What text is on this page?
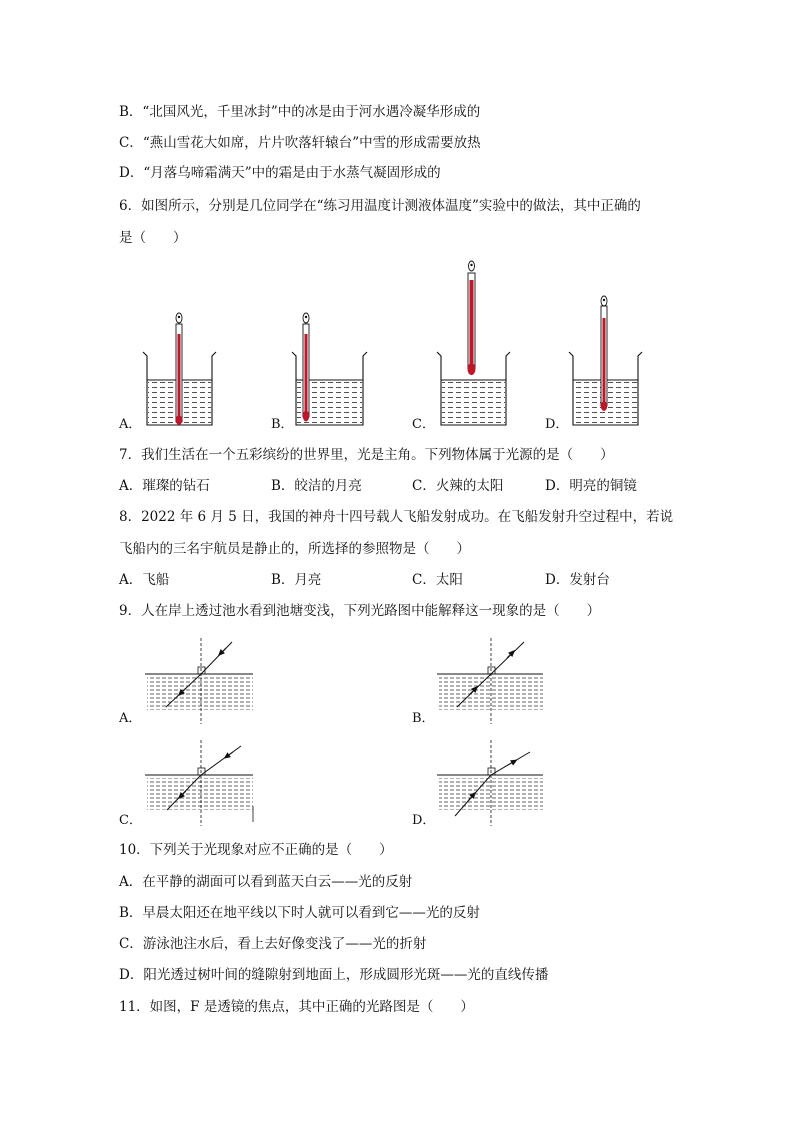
B．“北国风光，千里冰封”中的冰是由于河水遇冷凝华形成的
C．“燕山雪花大如席，片片吹落轩辕台”中雪的形成需要放热
D．“月落乌啼霜满天”中的霜是由于水蒸气凝固形成的
6．如图所示，分别是几位同学在“练习用温度计测液体温度”实验中的做法，其中正确的
是（　　）
A．	B．	C．	D．
7．我们生活在一个五彩缤纷的世界里，光是主角。下列物体属于光源的是（　　）
A．璀璨的钻石	B．皎洁的月亮	C．火辣的太阳	D．明亮的铜镜
8．2022 年 6 月 5 日，我国的神舟十四号载人飞船发射成功。在飞船发射升空过程中，若说
飞船内的三名宇航员是静止的，所选择的参照物是（　　）
A．飞船	B．月亮	C．太阳	D．发射台
9．人在岸上透过池水看到池塘变浅，下列光路图中能解释这一现象的是（　　）
A．	B．
C．	D．
10．下列关于光现象对应不正确的是（　　）
A．在平静的湖面可以看到蓝天白云——光的反射
B．早晨太阳还在地平线以下时人就可以看到它——光的反射
C．游泳池注水后，看上去好像变浅了——光的折射
D．阳光透过树叶间的缝隙射到地面上，形成圆形光斑——光的直线传播
11．如图，F 是透镜的焦点，其中正确的光路图是（　　）
